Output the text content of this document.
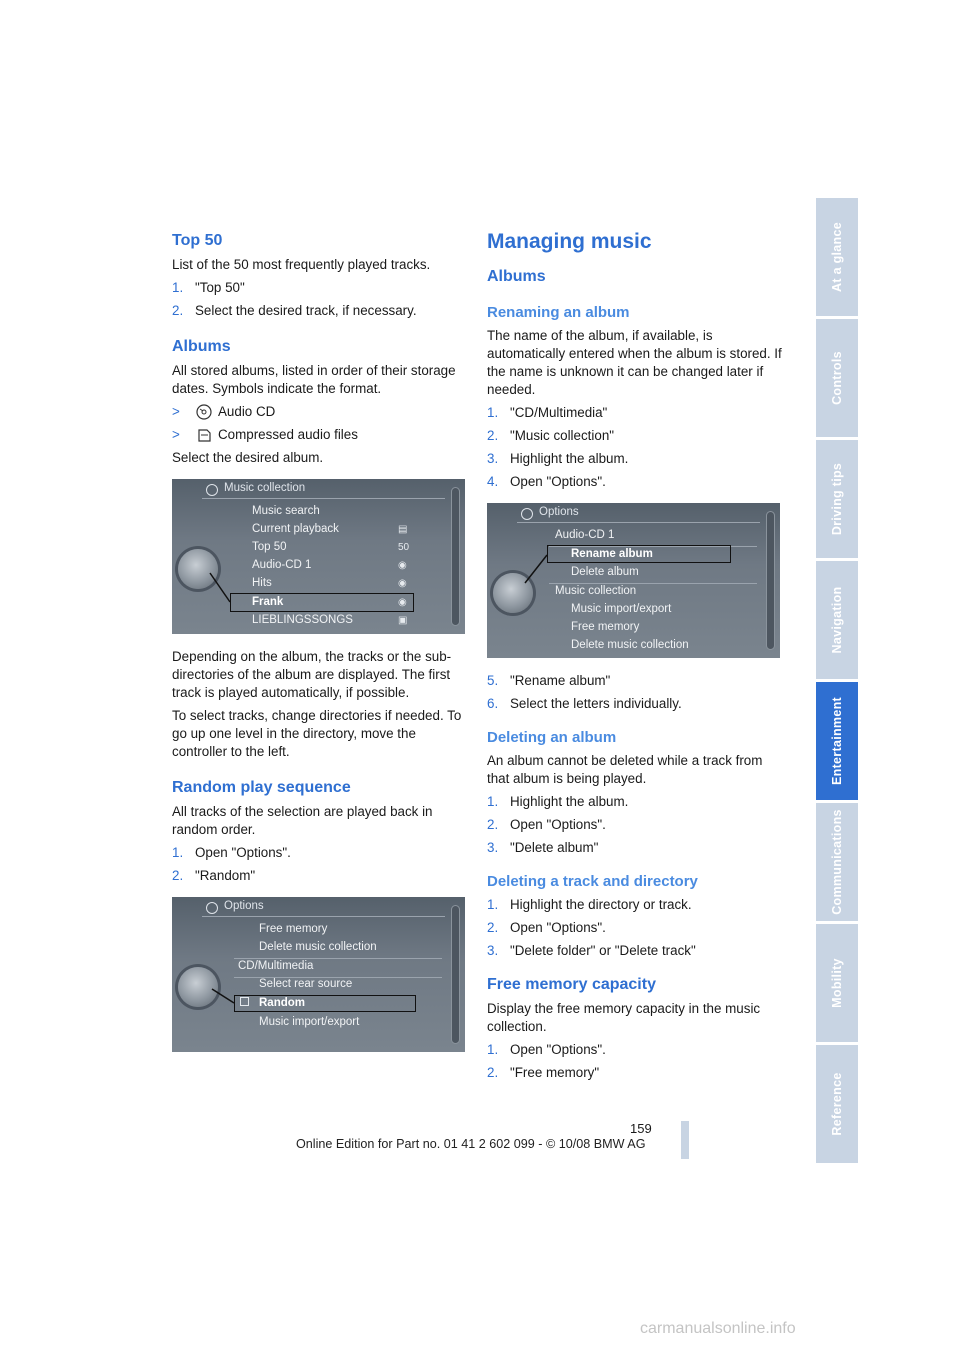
Top 50

List of the 50 most frequently played tracks.

1. "Top 50"
2. Select the desired track, if necessary.
Albums

All stored albums, listed in order of their storage dates. Symbols indicate the format.

>	Audio CD
>	Compressed audio files

Select the desired album.

Music collection
Music search
Current playback
Top 50
Audio-CD 1
Hits
Frank
LIEBLINGSSONGS
▤
50
◉
◉
◉
▣

Depending on the album, the tracks or the sub-directories of the album are displayed. The first track is played automatically, if possible.

To select tracks, change directories if needed. To go up one level in the directory, move the controller to the left.

Random play sequence

All tracks of the selection are played back in random order.

1. Open "Options".
2. "Random"
Options
Free memory
Delete music collection
CD/Multimedia
Select rear source
Random
Music import/export
Managing music
Albums
Renaming an album

The name of the album, if available, is automatically entered when the album is stored. If the name is unknown it can be changed later if needed.

1. "CD/Multimedia"
2. "Music collection"
3. Highlight the album.
4. Open "Options".
Options
Audio-CD 1
Rename album
Delete album
Music collection
Music import/export
Free memory
Delete music collection
5. "Rename album"
6. Select the letters individually.
Deleting an album

An album cannot be deleted while a track from that album is being played.

1. Highlight the album.
2. Open "Options".
3. "Delete album"
Deleting a track and directory
1. Highlight the directory or track.
2. Open "Options".
3. "Delete folder" or "Delete track"
Free memory capacity

Display the free memory capacity in the music collection.

1. Open "Options".
2. "Free memory"
At a glance
Controls
Driving tips
Navigation
Entertainment
Communications
Mobility
Reference
159
Online Edition for Part no. 01 41 2 602 099 - © 10/08 BMW AG
carmanualsonline.info
